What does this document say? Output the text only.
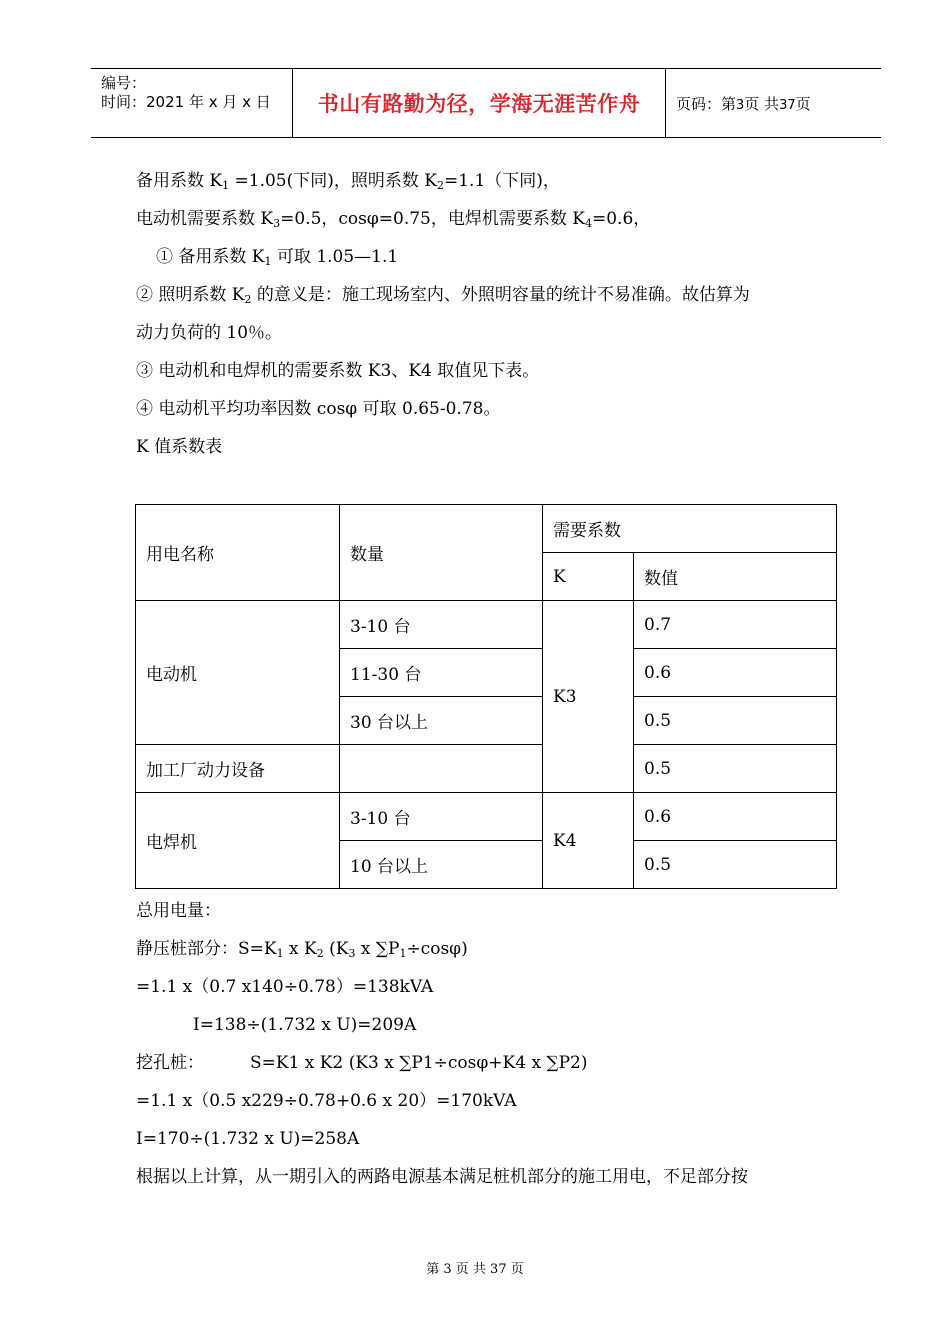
编号：
时间：2021 年 x 月 x 日 书山有路勤为径，学海无涯苦作舟 页码：第3页 共37页
备用系数 $K_1 =1.05$(下同)，照明系数 $K_2=1.1$（下同)，
电动机需要系数 $K_3=0.5$，cosφ=0.75，电焊机需要系数 $K_4=0.6$，
① 备用系数 $K_1$ 可取 1.05—1.1
② 照明系数 $K_2$ 的意义是：施工现场室内、外照明容量的统计不易准确。故估算为
动力负荷的 10％。
③ 电动机和电焊机的需要系数 K3、K4 取值见下表。
④ 电动机平均功率因数 cosφ 可取 0.65-0.78。
K 值系数表
用电名称	数量	需要系数	
		K	数值
电动机	3-10 台	K3	0.7
	11-30 台		0.6
	30 台以上		0.5
加工厂动力设备			0.5
电焊机	3-10 台	K4	0.6
	10 台以上		0.5
总用电量：
静压桩部分：$S=K_1$ x $K_2$ ($K_3$ x $\sum P_1\div\cos\varphi$)
=1.1 x（0.7 x140÷0.78）=138kVA
I=138÷(1.732 x U)=209A
挖孔桩：	S=K1 x K2 (K3 x ∑P1÷cosφ+K4 x ∑P2)
=1.1 x（0.5 x229÷0.78+0.6 x 20）=170kVA
I=170÷(1.732 x U)=258A
根据以上计算，从一期引入的两路电源基本满足桩机部分的施工用电，不足部分按
第 3 页 共 37 页
